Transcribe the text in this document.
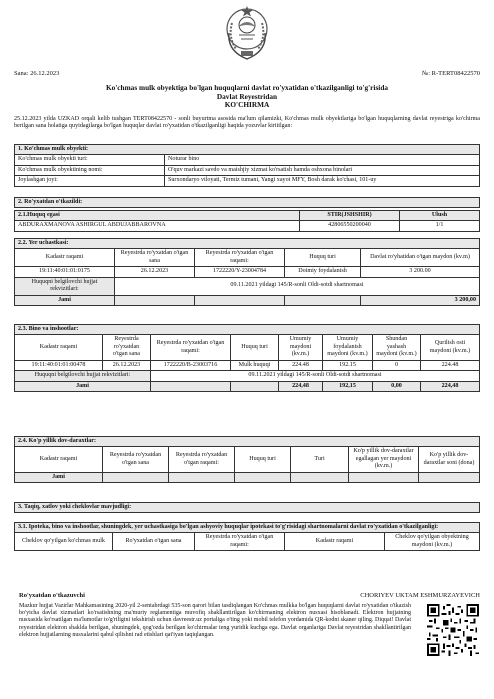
Sana: 26.12.2023	№: R-TERT08422570
Ko'chmas mulk obyektiga bo'lgan huquqlarni davlat ro'yxatidan o'tkazilganligi to'g'risida
Davlat Reyestridan
KO'CHIRMA
25.12.2023 yilda UZKAD orqali kelib tushgan TERT08422570 - sonli buyurtma asosida ma'lum qilamizki, Ko'chmas mulk obyektlariga bo'lgan huquqlarning davlat reyestriga ko'chirma berilgan sana holatiga quyidagilarga bo'lgan huquqlar davlat ro'yxatidan o'tkazilganligi haqida yozuvlar kiritilgan:
1. Ko'chmas mulk obyekti:	
Ko'chmas mulk obyekti turi:	Noturar bino
Ko'chmas mulk obyektining nomi:	O'quv markazi savdo va maishjiy xizmat ko'rsatish hamda oshxona binolari
Joylashgan joyi:	Surxondaryo viloyati, Termiz tumani, Yangi xayot MFY, Bosh darak ko'chasi, 101-uy
2. Ro'yxatdan o'tkazildi:
2.1.Huquq egasi	STIR(JSHSHIR)	Ulush
ABDURAXMANOVA ASHIRGUL ABDUJABBAROVNA	42806550200040	1/1
2.2. Yer uchastkasi:				
Kadastr raqami	Reyestrda ro'yxatdan o'tgan sana	Reyestrda ro'yxatdan o'tgan raqami:	Huquq turi	Davlat ro'yhatidan o'tgan maydon (kv.m)
19:11:40:01:01:0175	26.12.2023	1722220/Y-23004784	Doimiy foydalanish	3 200.00
Huquqni belgilovchi hujjat rekvizitlari:	09.11.2021 yildagi 145/R-sonli Oldi-sotdi shartnomasi			
Jami				3 200,00
2.3. Bino va inshootlar:							
Kadastr raqami	Reyestrda ro'yxatdan o'tgan sana	Reyestrda ro'yxatdan o'tgan raqami:	Huquq turi	Umumiy maydoni (kv.m.)	Umumiy foydalanish maydoni (kv.m.)	Shundan yashash maydoni (kv.m.)	Qurilish osti maydoni (kv.m.)
19:11:40:01:01:00478	26.12.2023	1722220/B-23003716	Mulk huquqi	224.48	192.15	0	224.48
Huquqni belgilovchi hujjat rekvizitlari:		09.11.2021 yildagi 145/R-sonli Oldi-sotdi shartnomasi					
Jami				224,48	192,15	0,00	224,48
2.4. Ko'p yillik dov-daraxtlar:						
Kadastr raqami	Reyestrda ro'yxatdan o'tgan sana	Reyestrda ro'yxatdan o'tgan raqami:	Huquq turi	Turi	Ko'p yillik dov-daraxtlar egallagan yer maydoni (kv.m.)	Ko'p yillik dov-daraxtlar soni (dona)
Jami						
3. Taqiq, xatlov yoki cheklovlar mavjudligi:
3.1. Ipoteka, bino va inshootlar, shuningdek, yer uchastkasiga bo'lgan ashyoviy huquqlar ipotekasi to'g'risidagi shartnomalarni davlat ro'yxatidan o'tkazilganligi:
Cheklov qo'yilgan ko'chmas mulk	Ro'yxatdan o'tgan sana	Reyestrda ro'yxatdan o'tgan raqami:	Kadastr raqami	Cheklov qo'yilgan obyektning maydoni (kv.m.)
Ro'yxatdan o'tkazuvchi	CHORIYEV UKTAM ESHMURZAYEVICH
Mazkur hujjat Vazirlar Mahkamasining 2020-yil 2-sentabrdagi 535-son qarori bilan tasdiqlangan Ko'chmas mulkka bo'lgan huquqlarni davlat ro'yxatidan o'tkazish bo'yicha davlat xizmatlari ko'rsatishning ma'muriy reglamentiga muvofiq shakllantirilgan ko'chirmaning elektron nusxasi hisoblanadi. Elektron hujjatning nusxasida ko'rsatilgan ma'lumotlar to'g'riligini tekshirish uchun davreestr.uz portaliga o'ting yoki mobil telefon yordamida QR-kodni skaner qiling. Diqqat! Davlat reyestridan elektron shaklda berilgan, shuningdek, qog'ozda berilgan ko'chirmalar teng yuridik kuchga ega. Davlat organlariga Davlat reyestridan shakllantirilgan elektron hujjatlarning nusxalarini qabul qilishni rad etishlari qat'iyan taqiqlangan.
